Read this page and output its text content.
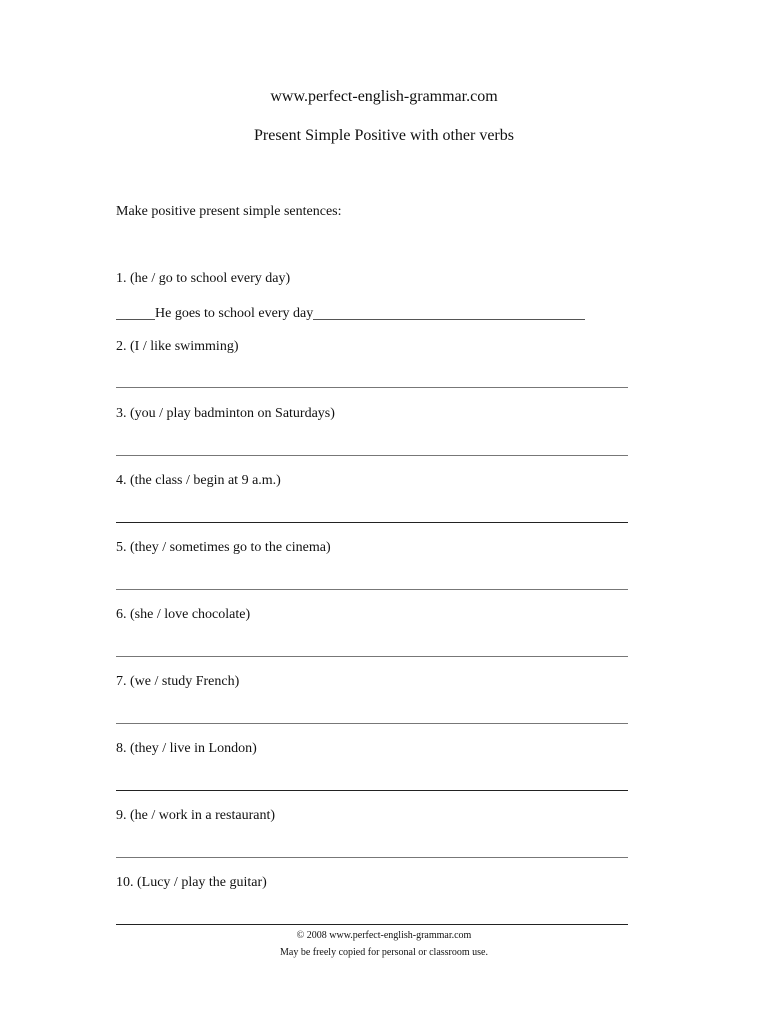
www.perfect-english-grammar.com
Present Simple Positive with other verbs
Make positive present simple sentences:
1. (he / go to school every day)
He goes to school every day
2. (I / like swimming)
3. (you / play badminton on Saturdays)
4. (the class / begin at 9 a.m.)
5. (they / sometimes go to the cinema)
6. (she / love chocolate)
7. (we / study French)
8. (they / live in London)
9. (he / work in a restaurant)
10. (Lucy / play the guitar)
© 2008 www.perfect-english-grammar.com
May be freely copied for personal or classroom use.
